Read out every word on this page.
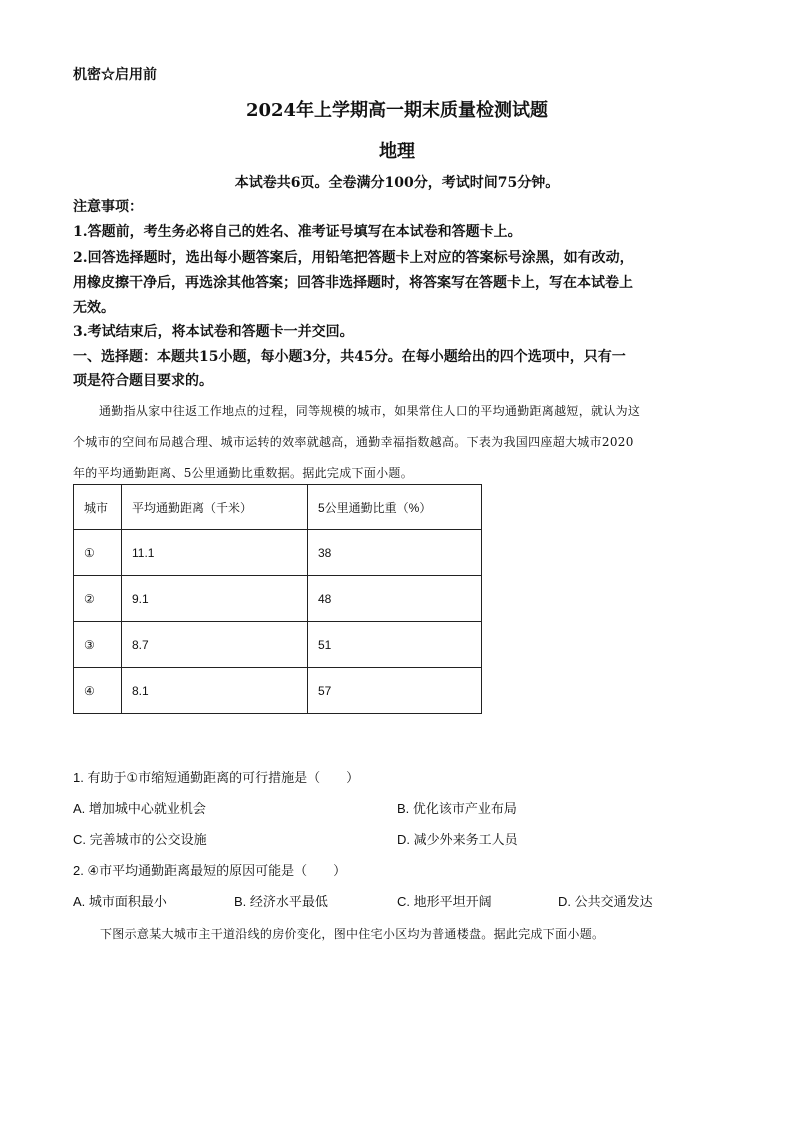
机密☆启用前
2024年上学期高一期末质量检测试题
地理
本试卷共6页。全卷满分100分，考试时间75分钟。
注意事项：
1.答题前，考生务必将自己的姓名、准考证号填写在本试卷和答题卡上。
2.回答选择题时，选出每小题答案后，用铅笔把答题卡上对应的答案标号涂黑，如有改动，
用橡皮擦干净后，再选涂其他答案；回答非选择题时，将答案写在答题卡上，写在本试卷上
无效。
3.考试结束后，将本试卷和答题卡一并交回。
一、选择题：本题共15小题，每小题3分，共45分。在每小题给出的四个选项中，只有一
项是符合题目要求的。
通勤指从家中往返工作地点的过程，同等规模的城市，如果常住人口的平均通勤距离越短，就认为这
个城市的空间布局越合理、城市运转的效率就越高，通勤幸福指数越高。下表为我国四座超大城市2020
年的平均通勤距离、5公里通勤比重数据。据此完成下面小题。
城市	平均通勤距离（千米）	5公里通勤比重（%）
①	11.1	38
②	9.1	48
③	8.7	51
④	8.1	57
1. 有助于①市缩短通勤距离的可行措施是（　　）
A. 增加城中心就业机会	B. 优化该市产业布局
C. 完善城市的公交设施	D. 减少外来务工人员
2. ④市平均通勤距离最短的原因可能是（　　）
A. 城市面积最小	B. 经济水平最低	C. 地形平坦开阔	D. 公共交通发达
下图示意某大城市主干道沿线的房价变化，图中住宅小区均为普通楼盘。据此完成下面小题。
